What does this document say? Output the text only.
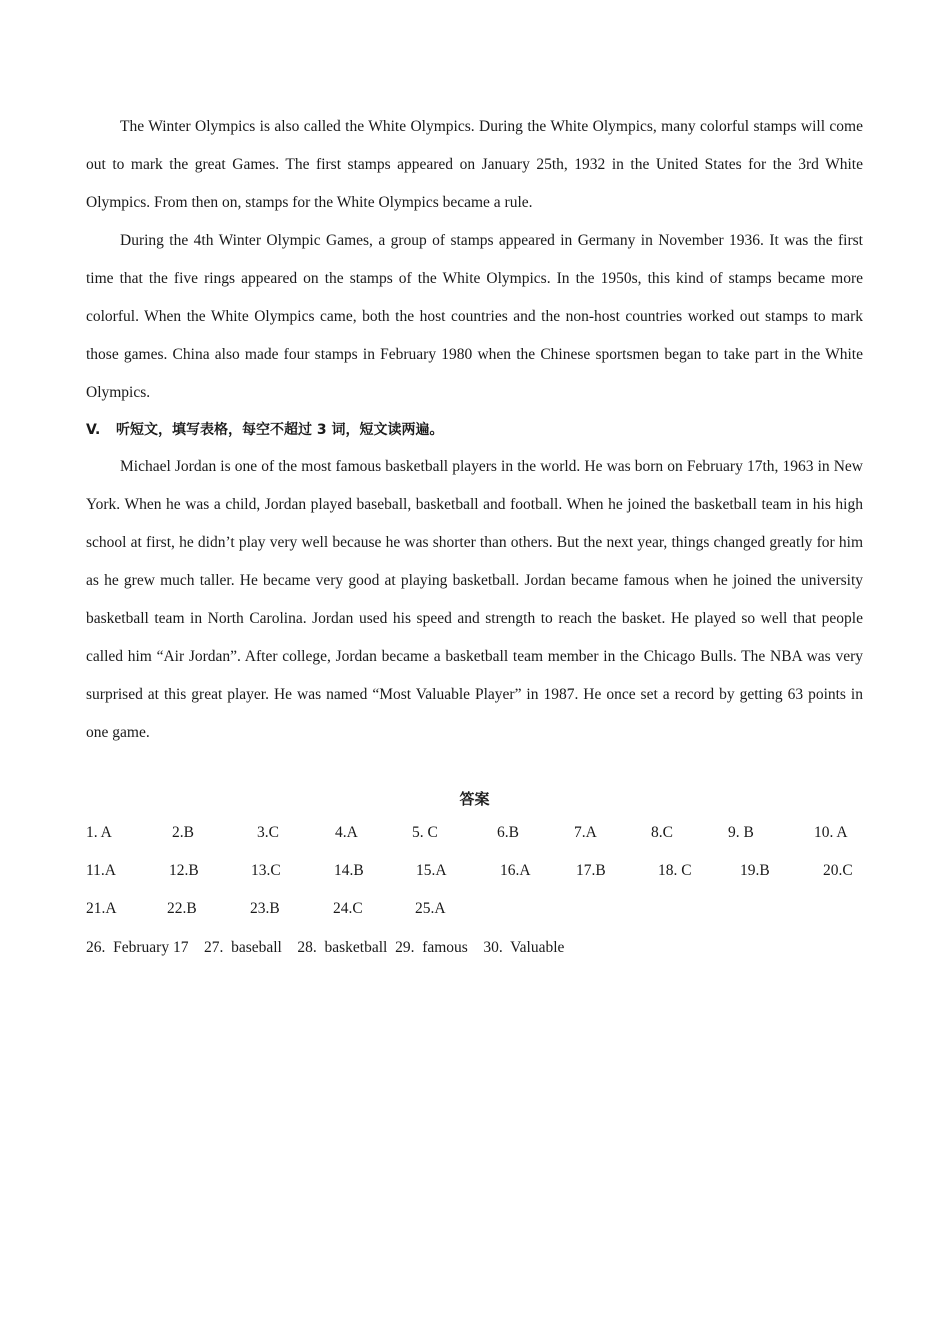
The Winter Olympics is also called the White Olympics. During the White Olympics, many colorful stamps will come out to mark the great Games. The first stamps appeared on January 25th, 1932 in the United States for the 3rd White Olympics. From then on, stamps for the White Olympics became a rule.

During the 4th Winter Olympic Games, a group of stamps appeared in Germany in November 1936. It was the first time that the five rings appeared on the stamps of the White Olympics. In the 1950s, this kind of stamps became more colorful. When the White Olympics came, both the host countries and the non-host countries worked out stamps to mark those games. China also made four stamps in February 1980 when the Chinese sportsmen began to take part in the White Olympics.

V. 听短文，填写表格，每空不超过 3 词，短文读两遍。

Michael Jordan is one of the most famous basketball players in the world. He was born on February 17th, 1963 in New York. When he was a child, Jordan played baseball, basketball and football. When he joined the basketball team in his high school at first, he didn’t play very well because he was shorter than others. But the next year, things changed greatly for him as he grew much taller. He became very good at playing basketball. Jordan became famous when he joined the university basketball team in North Carolina. Jordan used his speed and strength to reach the basket. He played so well that people called him “Air Jordan”. After college, Jordan became a basketball team member in the Chicago Bulls. The NBA was very surprised at this great player. He was named “Most Valuable Player” in 1987. He once set a record by getting 63 points in one game.

答案

1. A	2.B	3.C	4.A	5. C	6.B	7.A	8.C	9. B	10. A
11.A	12.B	13.C	14.B	15.A	16.A	17.B	18. C	19.B	20.C
21.A	22.B	23.B	24.C	25.A
26.  February 17    27.  baseball    28.  basketball  29.  famous    30.  Valuable
